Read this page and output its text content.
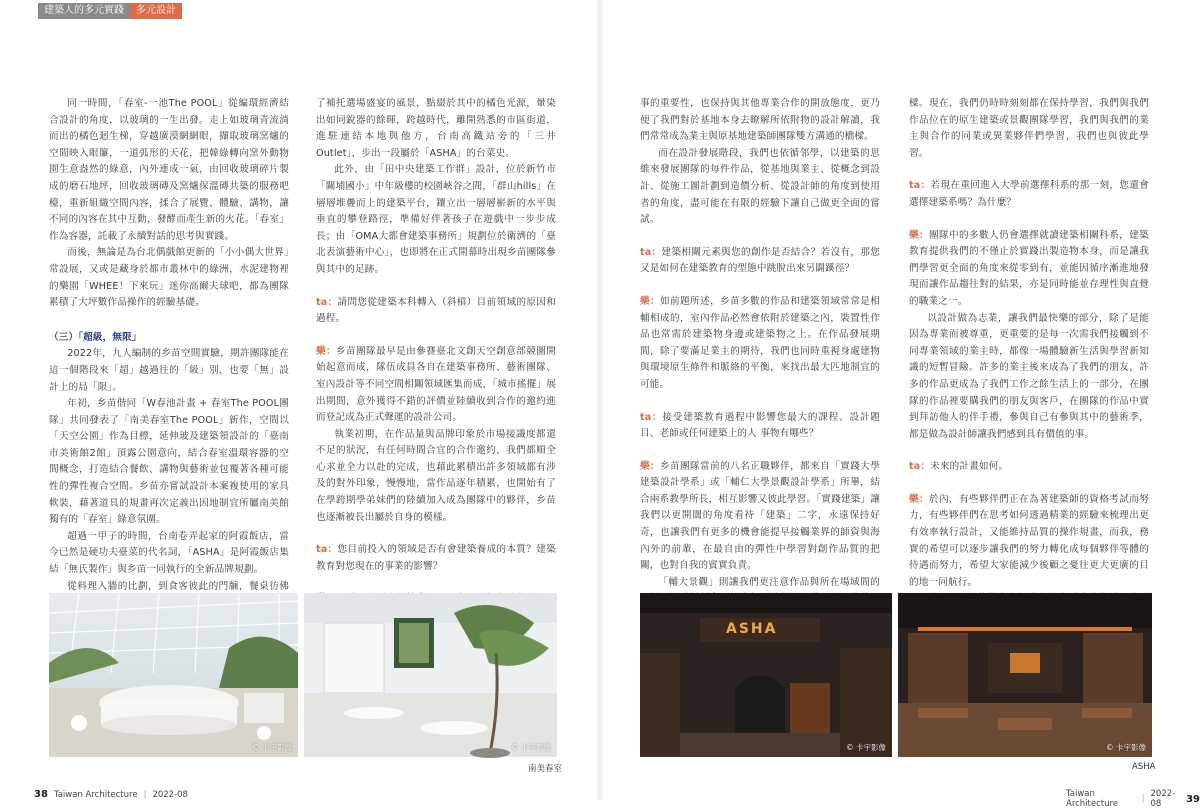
建築人的多元實踐	多元設計

同一時間，「春室-一池The POOL」從編環經濟結合設計的角度，以玻璃的一生出發。走上如玻璃青流淌而出的橘色迴生梯，穿越廣漠網網眼，擷取玻璃窯爐的空間映入眼簾，一道弧形的天花，把韓綠轉向窯外動物園生意盎然的綠意，內外連成一氣，由回收玻璃碎片製成的磨石地坪，回收玻璃磚及窯爐保溫磚共築的服務吧檯，重新組織空間內容，揉合了展覽、體驗、講物，讓不同的內容在其中互動，發酵而產生新的火花。「春室」作為容器，託載了永續對話的思考與實踐。

而後，無論是為台北偶戲館更新的「小小偶大世界」常設展，又或是藏身於都市叢林中的綠洲，水泥建物裡的樂園「WHEE！下來玩」迷你高爾夫球吧，都為團隊累積了大坪數作品操作的經驗基礎。

（三）「超級，無限」

2022年，九人編制的乡苗空間實驗，期許團隊能在這一個階段來「超」越過往的「級」別，也要「無」設計上的局「限」。

年初，乡苗偕同「W春池計畫 + 春室The POOL團隊」共同發表了「南美春室The POOL」新作，空間以「天空公園」作為目標，延伸玻及建築領設計的「臺南市美術館2館」頂露公園意向，結合春室溫環容器的空間概念，打造結合餐飲、講物與藝術並包覆著各種可能性的彈性複合空間。乡苗亦嘗試設計本案複使用的家具軟裝，藉著道具的規畫再次定義出因地制宜所屬南美館獨有的「春室」綠意氛圍。

超過一甲子的時間，台南卷弄起家的阿霞飯店，當今已然是硬功夫臺菜的代名詞，「ASHA」是阿霞飯店集結「無氏製作」與乡苗一同執行的全新品牌規劃。

從料理入牆的比劃，到食客彼此的門牖，餐桌彷佛

了補托選場盛宴的風景，點綴於其中的橘色光源，暈染出如同銳器的餘暉，跨越時代，離開熟悉的市區街道，進駐連結本地與他方，台南高鐵站旁的「三井Outlet」，步出一段屬於「ASHA」的台菜史。

此外，由「田中央建築工作群」設計，位於新竹市「關埔國小」中年級樓的校園峽谷之間，「群山hills」在層層堆疊而上的建築平台，鑲立出一層層嶄新的水平與垂直的攀登路徑，準備好伴著孩子在遊戲中一步步成長；由「OMA大都會建築事務所」規劃位於衛濟的「臺北表演藝術中心」，也即將在正式開幕時出現乡苗團隊參與其中的足跡。

ta：請問您從建築本科轉入（斜槓）目前領域的原因和過程。

樂：乡苗團隊最早是由參賽臺北文創天空創意部競圖開始起意而成，隊伍成員各自在建築事務所、藝術團隊、室內設計等不同空間相關領域匯集而成，「城市搖擺」展出期間，意外獲得不錯的評價並陸續收到合作的邀約進而登記成為正式聲運的設計公司。

執業初期，在作品量與品牌印象於市場接識度都還不足的狀況，有任何時間合宜的合作邀約，我們都順全心求並全力以赴的完成，也藉此累積出許多領域都有涉及的對外印象，慢慢地，當作品逐年積累，也開始有了在學跨期學弟妹們的陸續加入成為團隊中的夥伴，乡苗也逐漸被長出屬於自身的模樣。

ta：您目前投入的領域是否有會建築養成的本質？建築教育對您現在的事業的影響？

© 卡宇影像	© 卡宇影像
南美春室
38 Taiwan Architecture | 2022-08

事的重要性，也保持與其他專業合作的開放態度，更乃便了我們對於基地本身去瞭解所依附物的設計解讀，我們常常成為業主與原基地建築師團隊雙方溝通的橋樑。

而在設計發展階段，我們也依循邻學，以建築的思維來發展團隊的每件作品，從基地與業主、從概念到設計、從施工圖計劃到造價分析、從設計師的角度到使用者的角度，盡可能在有限的經驗下讓自己做更全面的嘗試。

ta：建築相關元素與您的創作是否結合？若沒有，那您又是如何在建築教育的型態中跳脫出來另闢蹊徑？

樂：如前題所述，乡苗多數的作品和建築領域常常是相輔相成的，室內作品必然會依附於建築之內，裝置性作品也常需於建築物身邊或建築物之上。在作品發展期間，除了要滿足業主的期待，我們也同時重視身處建物與環境原生條件和脈絡的平衡，來找出最大匹地制宜的可能。

ta：接受建築教育過程中影響您最大的課程、設計題目、老師或任何建築上的人 事物有哪些？

樂：乡苗團隊當前的八名正職夥伴，都來自「實踐大學建築設計學系」或「輔仁大學景觀設計學系」所畢，結合兩系教學所長，相互影響又彼此學習。「實踐建築」讓我們以更開闊的角度看待「建築」二字，永遠保持好奇，也讓我們有更多的機會能提早接觸業界的師資與海內外的前輩，在最自由的彈性中學習對創作品質的把關，也對自我的賓實負責。

「輔大景觀」則讓我們更注意作品與所在場域間的

樑。現在，我們仍時時刻刻都在保持學習，我們與我們作品位在的原生建築或景觀團隊學習，我們與我們的業主與合作的同業或異業夥伴們學習，我們也與彼此學習。

ta：若現在重回進入大學前選擇科系的那一刻，您還會選擇建築系嗎？為什麼？

樂：團隊中的多數人仍會選擇就讀建築相關科系，建築教育提供我們的不僅止於實踐出製造物本身，而是讓我們學習更全面的角度來從零到有，並能因循序漸進地發現而讓作品趨往對的結果，亦是同時能並存理性與直覺的職業之一。

以設計做為志業，讓我們最快樂的部分，除了是能因為專業而被尊重，更重要的是每一次需我們接觸到不同專業領域的業主時，都像一場體驗新生活與學習新知識的短暫冒險。許多的業主後來成為了我們的朋友，許多的作品更成為了我們工作之餘生活上的一部分，在團隊的作品裡要購我們的朋友與客戶，在團隊的作品中實到拜訪他人的伴手禮，參與自己有參與其中的藝術季，都是做為設計師讓我們感到具有價值的事。

ta：未來的計畫如何。

樂：於內，有些夥伴們正在為著建築師的資格考試而努力，有些夥伴們在思考如何透過精業的經驗來梳理出更有效率執行設計，又能維持品質的操作規畫，而我，務實的希望可以逐步讓我們的努力轉化成每個夥伴等體的待遇而努力，希望大家能減少後顧之憂往更大更廣的目的地一同航行。

ASHA
© 卡宇影像	© 卡宇影像
ASHA
Taiwan Architecture	| 2022-08	39
